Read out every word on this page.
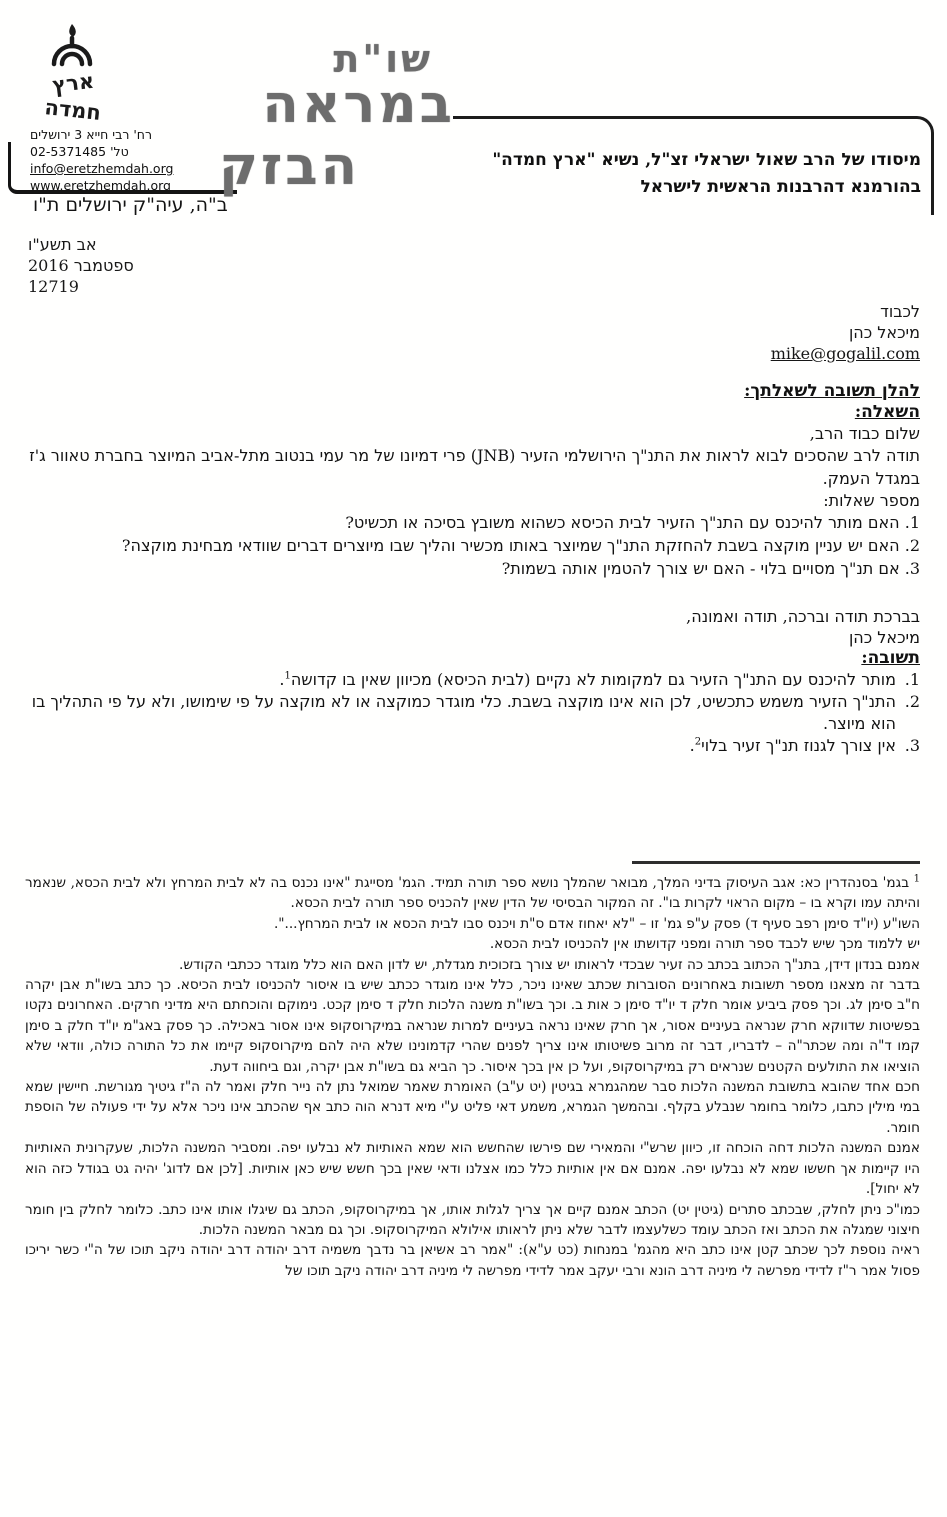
ארץ
חמדה
רח' רבי חייא 3 ירושלים
טל' 02-5371485
info@eretzhemdah.org
www.eretzhemdah.org
ב"ה, עיה"ק ירושלים ת"ו
שו"ת
במראה
הבזק	מיסודו של הרב שאול ישראלי זצ"ל, נשיא "ארץ חמדה"
בהורמנא דהרבנות הראשית לישראל
אב תשע"ו
ספטמבר 2016
12719
לכבוד
מיכאל כהן
mike@gogalil.com

להלן תשובה לשאלתך:

השאלה:

שלום כבוד הרב,

תודה לרב שהסכים לבוא לראות את התנ"ך הירושלמי הזעיר (JNB) פרי דמיונו של מר עמי בנטוב מתל-אביב המיוצר בחברת טאוור ג'ז במגדל העמק.

מספר שאלות:

1. האם מותר להיכנס עם התנ"ך הזעיר לבית הכיסא כשהוא משובץ בסיכה או תכשיט?

2. האם יש עניין מוקצה בשבת להחזקת התנ"ך שמיוצר באותו מכשיר והליך שבו מיוצרים דברים שוודאי מבחינת מוקצה?

3. אם תנ"ך מסויים בלוי - האם יש צורך להטמין אותה בשמות?

בברכת תודה וברכה, תודה ואמונה,

מיכאל כהן

תשובה:

1.

מותר להיכנס עם התנ"ך הזעיר גם למקומות לא נקיים (לבית הכיסא) מכיוון שאין בו קדושה$^1$.

2.

התנ"ך הזעיר משמש כתכשיט, לכן הוא אינו מוקצה בשבת. כלי מוגדר כמוקצה או לא מוקצה על פי שימושו, ולא על פי התהליך בו הוא מיוצר.

3.

אין צורך לגנוז תנ"ך זעיר בלוי$^2$.

$^1$ בגמ' בסנהדרין כא: אגב העיסוק בדיני המלך, מבואר שהמלך נושא ספר תורה תמיד. הגמ' מסייגת "אינו נכנס בה לא לבית המרחץ ולא לבית הכסא, שנאמר והיתה עמו וקרא בו – מקום הראוי לקרות בו". זה המקור הבסיסי של הדין שאין להכניס ספר תורה לבית הכסא.

השו"ע (יו"ד סימן רפב סעיף ד) פסק ע"פ גמ' זו – "לא יאחוז אדם ס"ת ויכנס סבו לבית הכסא או לבית המרחץ...".

יש ללמוד מכך שיש לכבד ספר תורה ומפני קדושתו אין להכניסו לבית הכסא.

אמנם בנדון דידן, בתנ"ך הכתוב בכתב כה זעיר שבכדי לראותו יש צורך בזכוכית מגדלת, יש לדון האם הוא כלל מוגדר ככתבי הקודש.

בדבר זה מצאנו מספר תשובות באחרונים הסוברות שכתב שאינו ניכר, כלל אינו מוגדר ככתב שיש בו איסור להכניסו לבית הכיסא. כך כתב בשו"ת אבן יקרה ח"ב סימן לג. וכך פסק ביביע אומר חלק ד יו"ד סימן כ אות ב. וכך בשו"ת משנה הלכות חלק ד סימן קכט. נימוקם והוכחתם היא מדיני חרקים. האחרונים נקטו בפשיטות שדווקא חרק שנראה בעיניים אסור, אך חרק שאינו נראה בעיניים למרות שנראה במיקרוסקופ אינו אסור באכילה. כך פסק באג"מ יו"ד חלק ב סימן קמו ד"ה ומה שכתר"ה – לדבריו, דבר זה מרוב פשיטותו אינו צריך לפנים שהרי קדמונינו שלא היה להם מיקרוסקופ קיימו את כל התורה כולה, וודאי שלא הוציאו את התולעים הקטנים שנראים רק במיקרוסקופ, ועל כן אין בכך איסור. כך הביא גם בשו"ת אבן יקרה, וגם ביחווה דעת.

חכם אחד שהובא בתשובת המשנה הלכות סבר שמהגמרא בגיטין (יט ע"ב) האומרת שאמר שמואל נתן לה נייר חלק ואמר לה ה"ז גיטיך מגורשת. חיישין שמא במי מילין כתבו, כלומר בחומר שנבלע בקלף. ובהמשך הגמרא, משמע דאי פליט ע"י מיא דנרא הוה כתב אף שהכתב אינו ניכר אלא על ידי פעולה של הוספת חומר.

אמנם המשנה הלכות דחה הוכחה זו, כיוון שרש"י והמאירי שם פירשו שהחשש הוא שמא האותיות לא נבלעו יפה. ומסביר המשנה הלכות, שעקרונית האותיות היו קיימות אך חששו שמא לא נבלעו יפה. אמנם אם אין אותיות כלל כמו אצלנו ודאי שאין בכך חשש שיש כאן אותיות. [לכן אם לדוג' יהיה גט בגודל כזה הוא לא יחול].

כמו"כ ניתן לחלק, שבכתב סתרים (גיטין יט) הכתב אמנם קיים אך צריך לגלות אותו, אך במיקרוסקופ, הכתב גם שיגלו אותו אינו כתב. כלומר לחלק בין חומר חיצוני שמגלה את הכתב ואז הכתב עומד כשלעצמו לדבר שלא ניתן לראותו אילולא המיקרוסקופ. וכך גם מבאר המשנה הלכות.

ראיה נוספת לכך שכתב קטן אינו כתב היא מהגמ' במנחות (כט ע"א): "אמר רב אשיאן בר נדבך משמיה דרב יהודה דרב יהודה ניקב תוכו של ה"י כשר יריכו פסול אמר ר"ז לדידי מפרשה לי מיניה דרב הונא ורבי יעקב אמר לדידי מפרשה לי מיניה דרב יהודה ניקב תוכו של
